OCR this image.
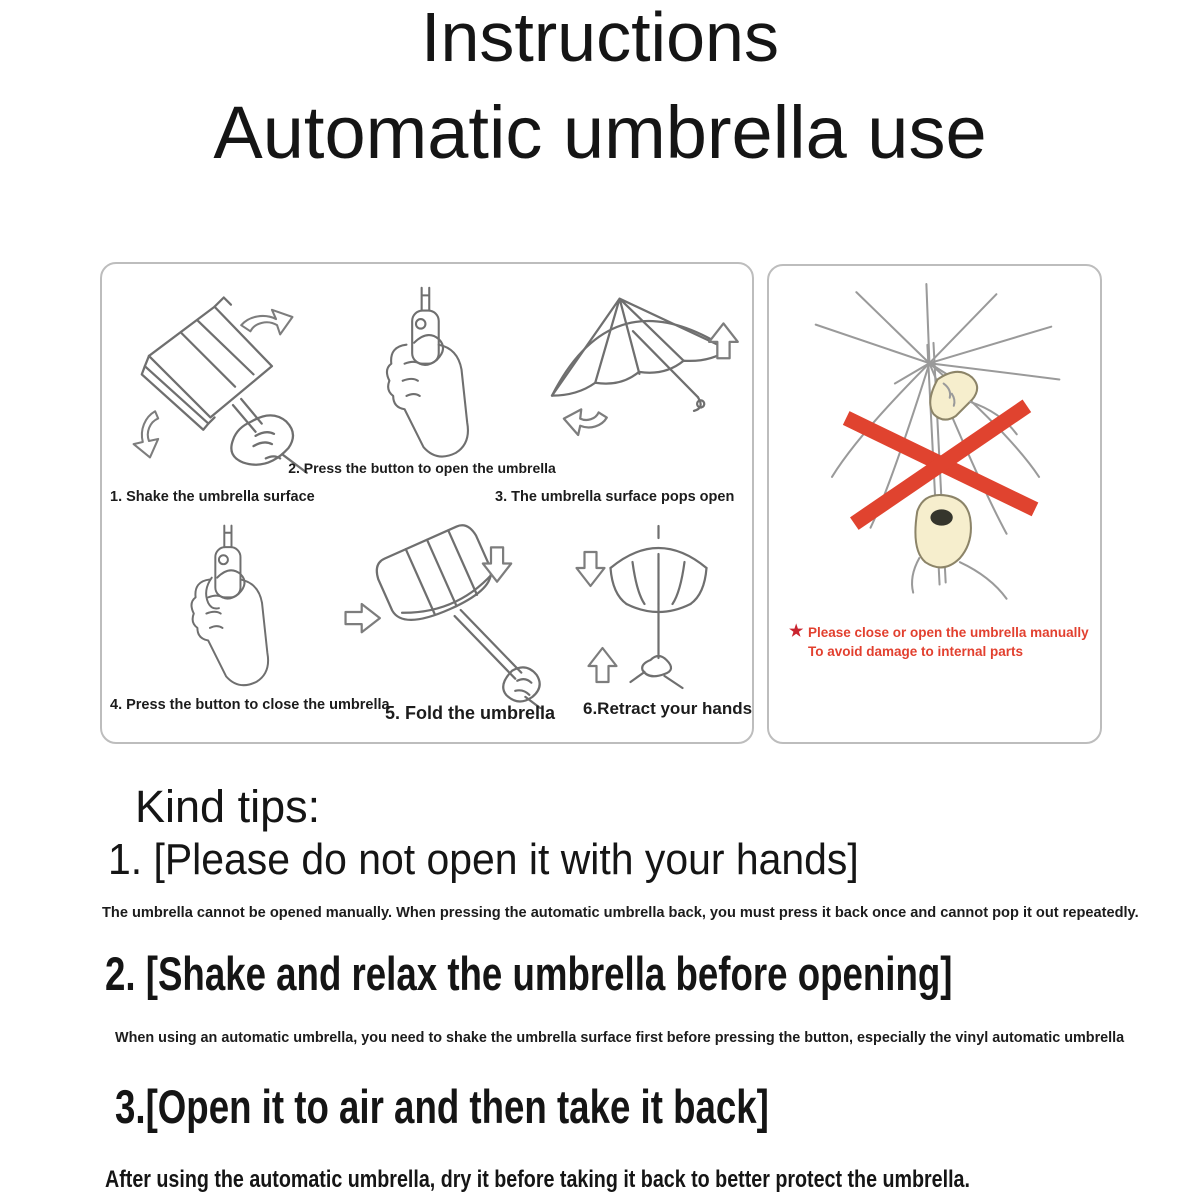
Instructions
Automatic umbrella use
2. Press the button to open the umbrella
1. Shake the umbrella surface	3. The umbrella surface pops open
4. Press the button to close the umbrella
5. Fold the umbrella 6.Retract your hands
★ Please close or open the umbrella manually
To avoid damage to internal parts
Kind tips:
1. [Please do not open it with your hands]
The umbrella cannot be opened manually. When pressing the automatic umbrella back, you must press it back once and cannot pop it out repeatedly.
2. [Shake and relax the umbrella before opening]
When using an automatic umbrella, you need to shake the umbrella surface first before pressing the button, especially the vinyl automatic umbrella
3.[Open it to air and then take it back]
After using the automatic umbrella, dry it before taking it back to better protect the umbrella.
